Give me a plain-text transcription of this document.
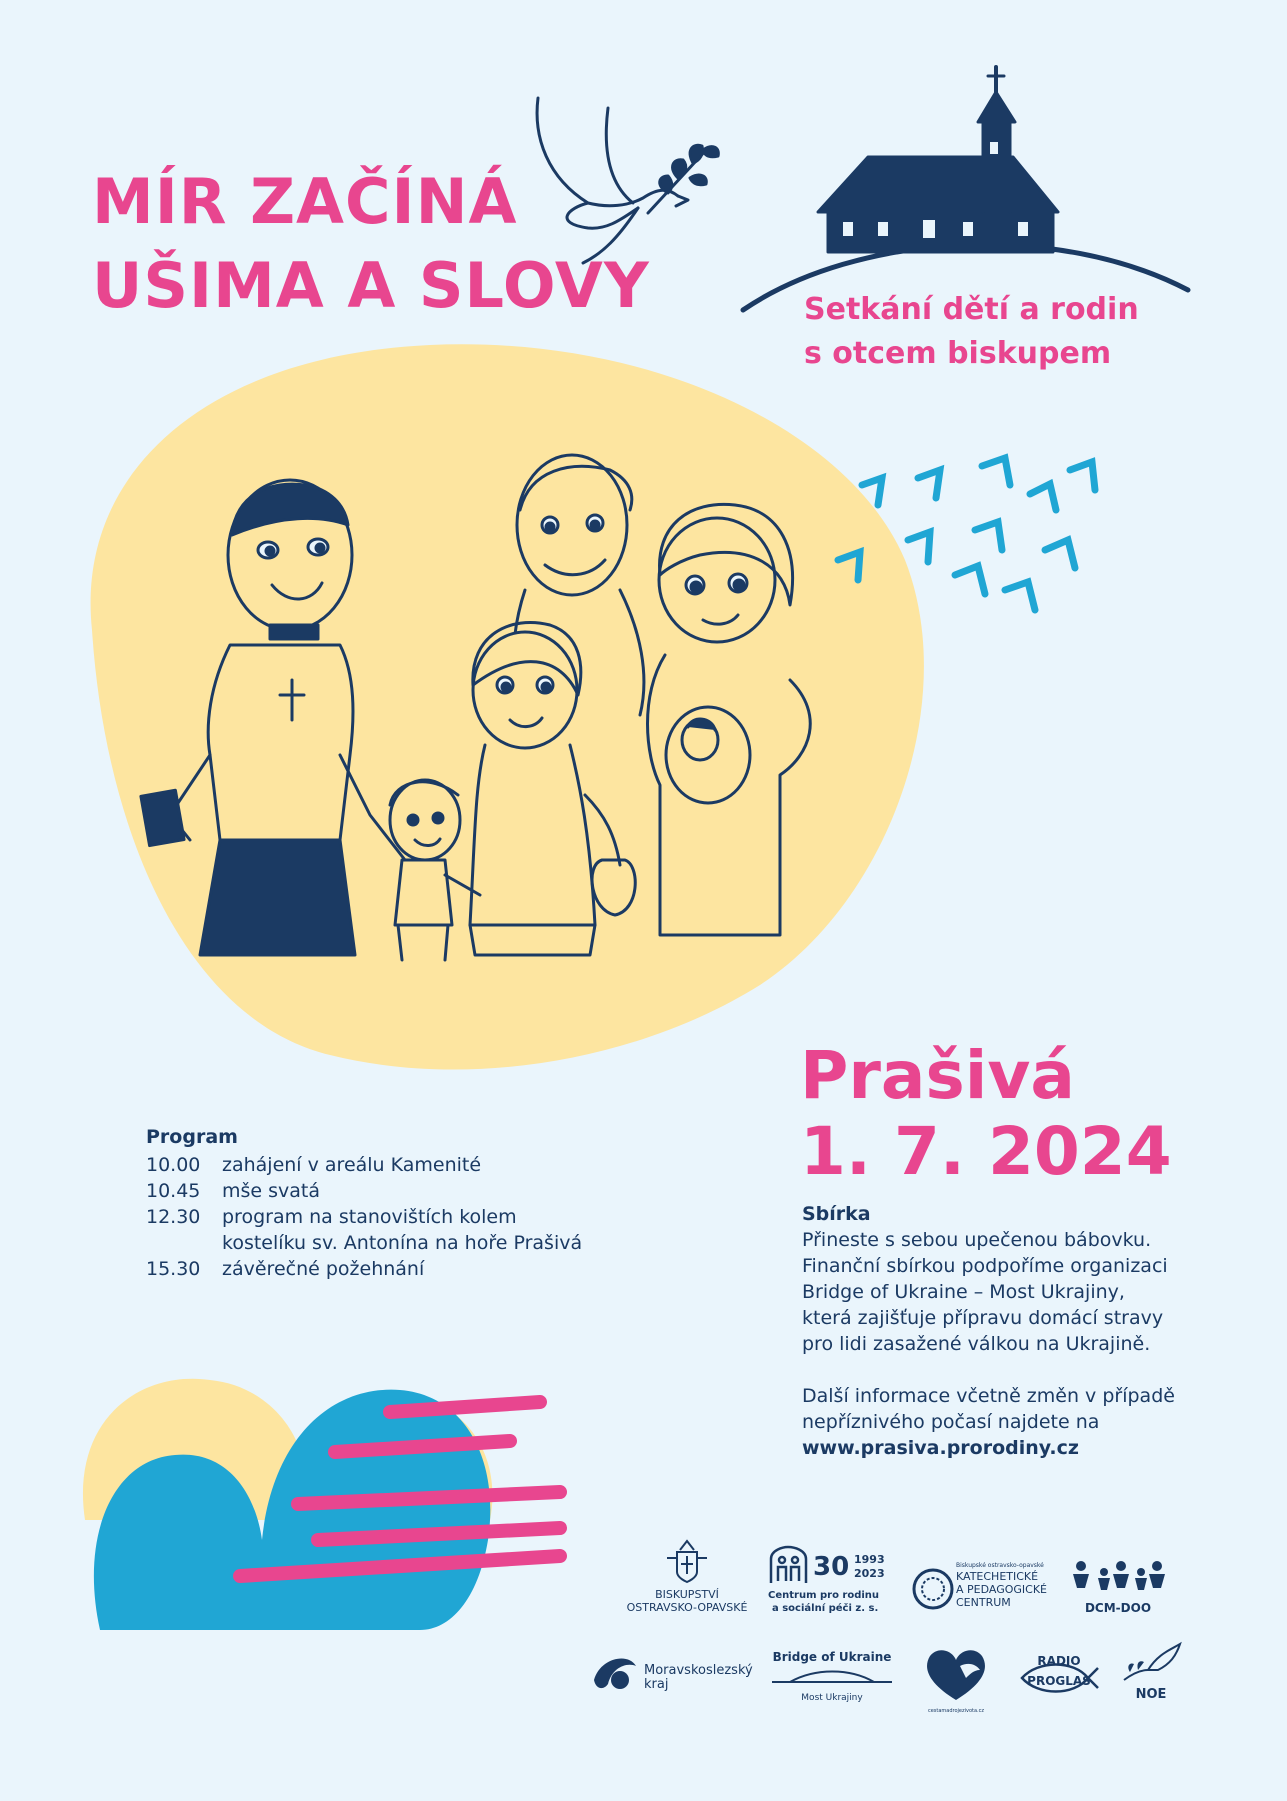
MÍR ZAČÍNÁ
UŠIMA A SLOVY	Setkání dětí a rodin
s otcem biskupem
Prašivá
1. 7. 2024
Program
10.00	zahájení v areálu Kamenité
10.45	mše svatá
12.30	program na stanovištích kolem
kostelíku sv. Antonína na hoře Prašivá
15.30	závěrečné požehnání
Sbírka

Přineste s sebou upečenou bábovku.

Finanční sbírkou podpoříme organizaci

Bridge of Ukraine – Most Ukrajiny,

která zajišťuje přípravu domácí stravy

pro lidi zasažené válkou na Ukrajině.

Další informace včetně změn v případě

nepříznivého počasí najdete na

www.prasiva.prorodiny.cz

BISKUPSTVÍ
OSTRAVSKO-OPAVSKÉ
30 1993
2023
Centrum pro rodinu
a sociální péči z. s.
Biskupské ostravsko-opavské
KATECHETICKÉ
A PEDAGOGICKÉ
CENTRUM	DCM-DOO
Moravskoslezský
kraj
Bridge of Ukraine
Most Ukrajiny
cestamadrojezivota.cz
RADIO
PROGLAS
NOE
